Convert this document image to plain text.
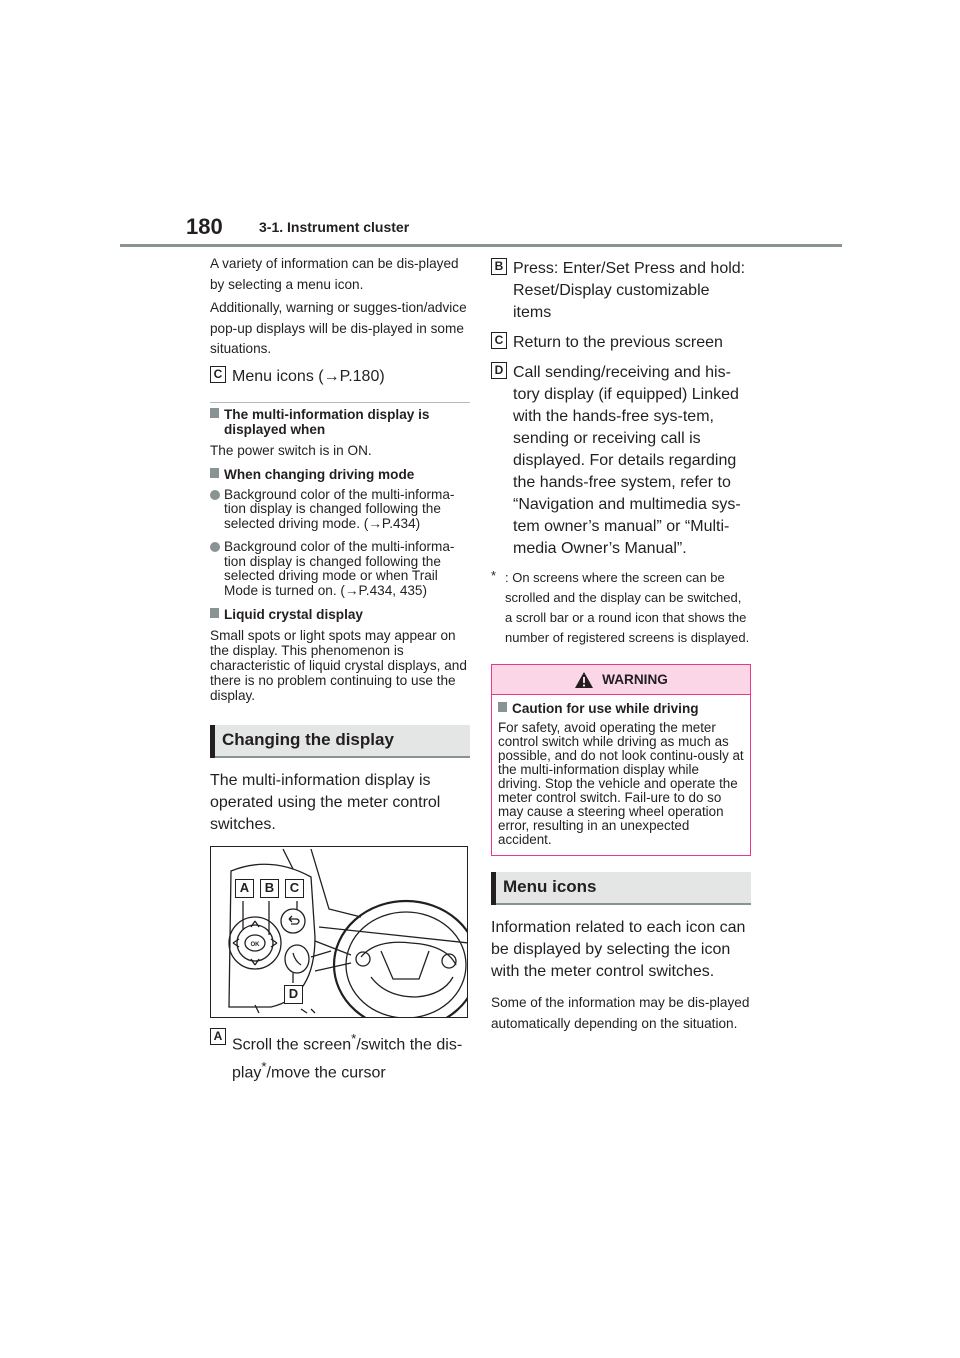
180	3-1. Instrument cluster

A variety of information can be dis-played by selecting a menu icon.

Additionally, warning or sugges-tion/advice pop-up displays will be dis-played in some situations.

C Menu icons (→P.180)
The multi-information display is displayed when
The power switch is in ON.
When changing driving mode
Background color of the multi-informa-tion display is changed following the selected driving mode. (→P.434)
Background color of the multi-informa-tion display is changed following the selected driving mode or when Trail Mode is turned on. (→P.434, 435)
Liquid crystal display
Small spots or light spots may appear on the display. This phenomenon is characteristic of liquid crystal displays, and there is no problem continuing to use the display.
Changing the display

The multi-information display is operated using the meter control switches.

OK
A	B	C
D
A
Scroll the screen*/switch the dis-play*/move the cursor
B Press: Enter/Set Press and hold: Reset/Display customizable items
C Return to the previous screen
D Call sending/receiving and his-tory display (if equipped) Linked with the hands-free sys-tem, sending or receiving call is displayed. For details regarding the hands-free system, refer to “Navigation and multimedia sys-tem owner’s manual” or “Multi-media Owner’s Manual”.
* : On screens where the screen can be scrolled and the display can be switched, a scroll bar or a round icon that shows the number of registered screens is displayed.
WARNING
Caution for use while driving
For safety, avoid operating the meter control switch while driving as much as possible, and do not look continu-ously at the multi-information display while driving. Stop the vehicle and operate the meter control switch. Fail-ure to do so may cause a steering wheel operation error, resulting in an unexpected accident.
Menu icons

Information related to each icon can be displayed by selecting the icon with the meter control switches.

Some of the information may be dis-played automatically depending on the situation.
